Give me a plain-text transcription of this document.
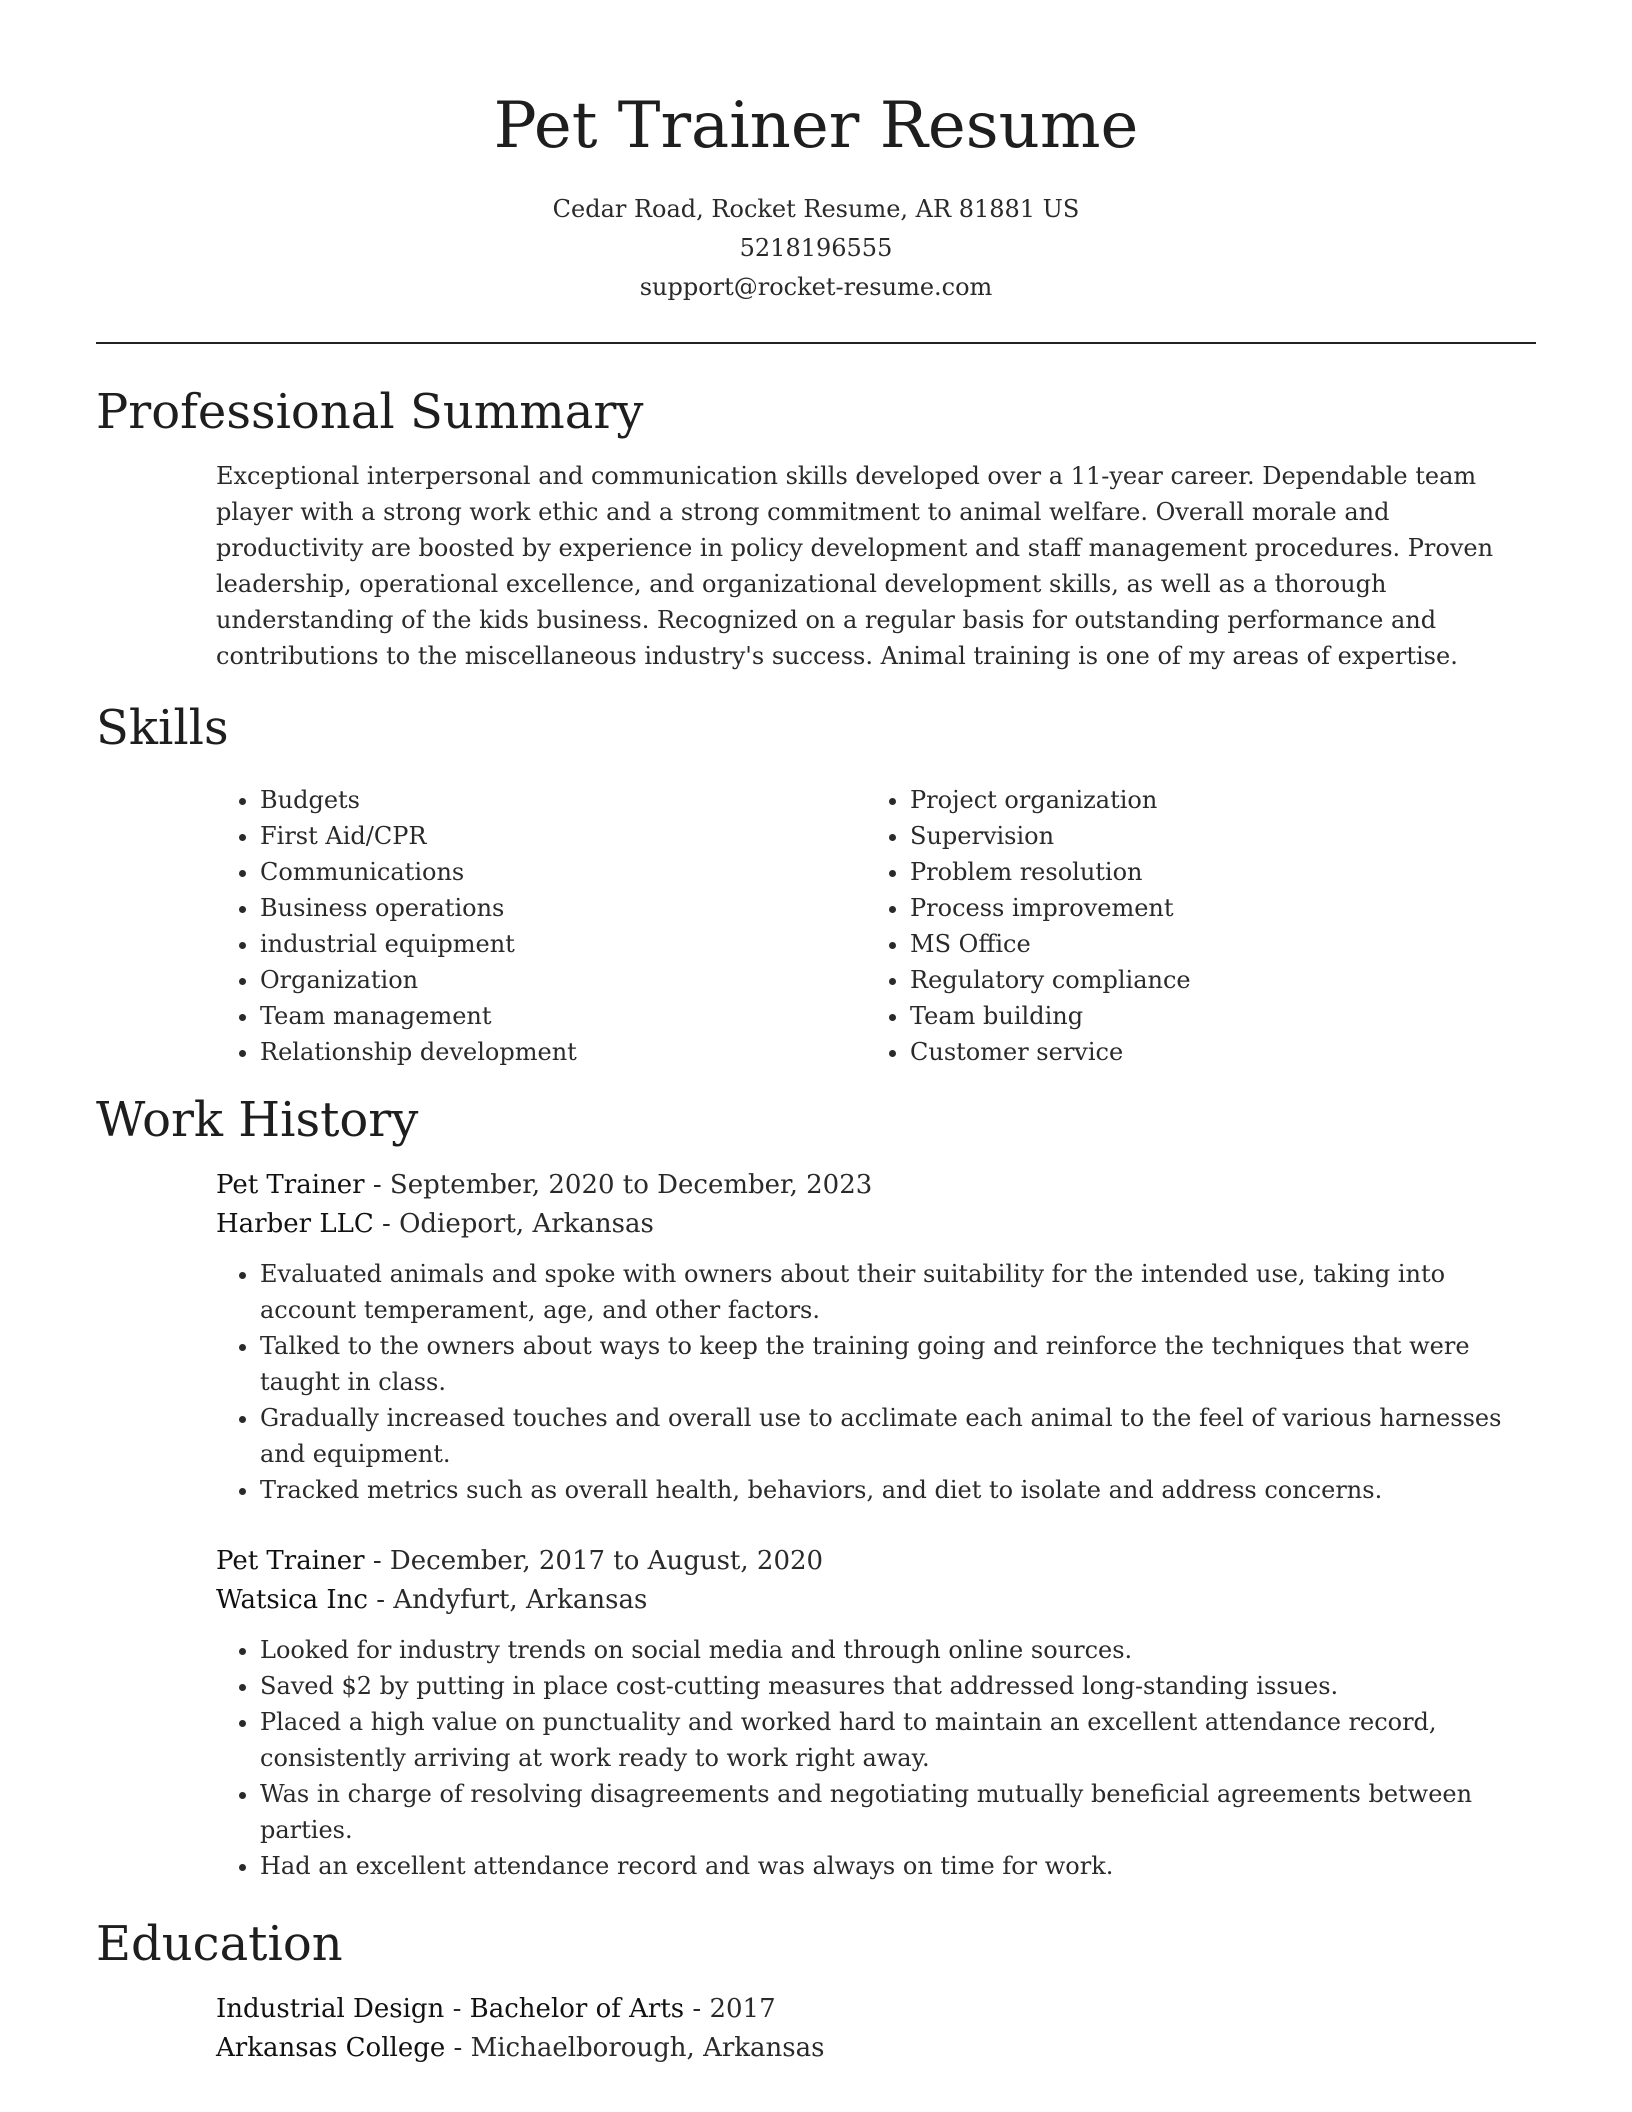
Pet Trainer Resume
Cedar Road, Rocket Resume, AR 81881 US
5218196555
support@rocket-resume.com
Professional Summary

Exceptional interpersonal and communication skills developed over a 11-year career. Dependable team player with a strong work ethic and a strong commitment to animal welfare. Overall morale and productivity are boosted by experience in policy development and staff management procedures. Proven leadership, operational excellence, and organizational development skills, as well as a thorough understanding of the kids business. Recognized on a regular basis for outstanding performance and contributions to the miscellaneous industry's success. Animal training is one of my areas of expertise.

Skills
• Budgets
• First Aid/CPR
• Communications
• Business operations
• industrial equipment
• Organization
• Team management
• Relationship development
• Project organization
• Supervision
• Problem resolution
• Process improvement
• MS Office
• Regulatory compliance
• Team building
• Customer service
Work History
Pet Trainer - September, 2020 to December, 2023
Harber LLC - Odieport, Arkansas
• Evaluated animals and spoke with owners about their suitability for the intended use, taking into account temperament, age, and other factors.
• Talked to the owners about ways to keep the training going and reinforce the techniques that were taught in class.
• Gradually increased touches and overall use to acclimate each animal to the feel of various harnesses and equipment.
• Tracked metrics such as overall health, behaviors, and diet to isolate and address concerns.
Pet Trainer - December, 2017 to August, 2020
Watsica Inc - Andyfurt, Arkansas
• Looked for industry trends on social media and through online sources.
• Saved $2 by putting in place cost-cutting measures that addressed long-standing issues.
• Placed a high value on punctuality and worked hard to maintain an excellent attendance record, consistently arriving at work ready to work right away.
• Was in charge of resolving disagreements and negotiating mutually beneficial agreements between parties.
• Had an excellent attendance record and was always on time for work.
Education
Industrial Design - Bachelor of Arts - 2017
Arkansas College - Michaelborough, Arkansas
